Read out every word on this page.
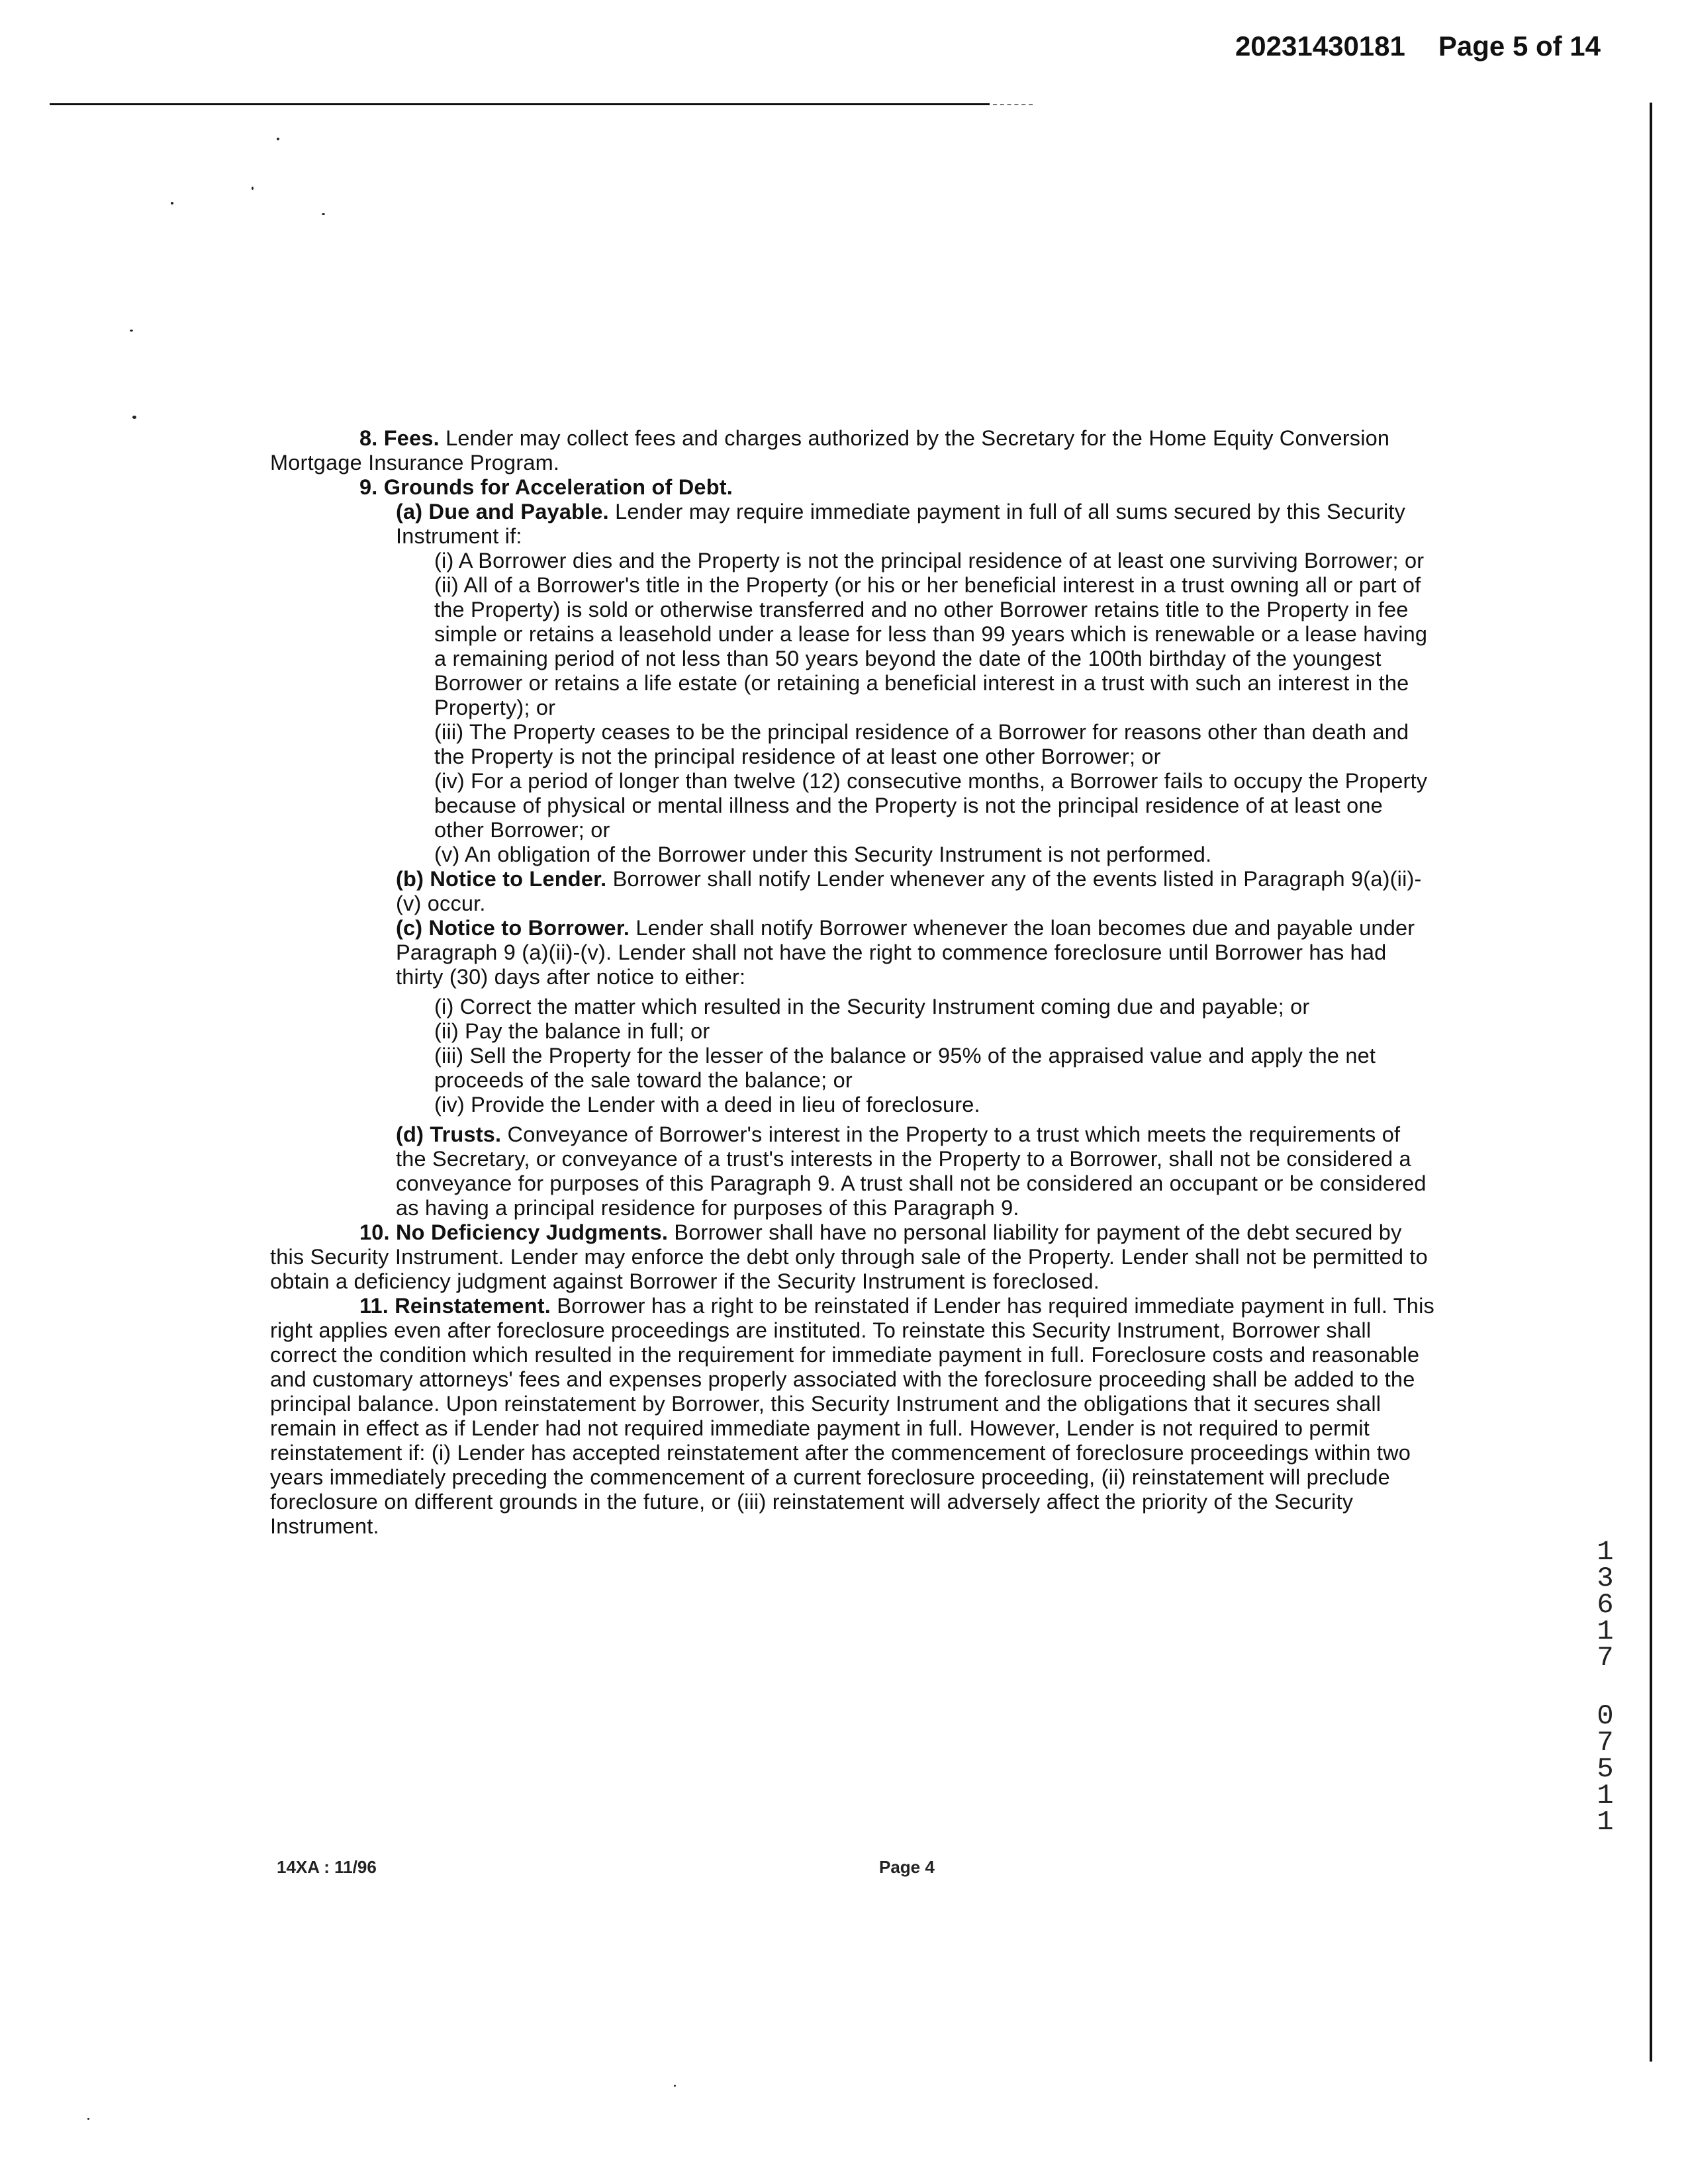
20231430181 Page 5 of 14

8. Fees. Lender may collect fees and charges authorized by the Secretary for the Home Equity Conversion Mortgage Insurance Program.

9. Grounds for Acceleration of Debt.

(a) Due and Payable. Lender may require immediate payment in full of all sums secured by this Security Instrument if:

(i) A Borrower dies and the Property is not the principal residence of at least one surviving Borrower; or

(ii) All of a Borrower's title in the Property (or his or her beneficial interest in a trust owning all or part of the Property) is sold or otherwise transferred and no other Borrower retains title to the Property in fee simple or retains a leasehold under a lease for less than 99 years which is renewable or a lease having a remaining period of not less than 50 years beyond the date of the 100th birthday of the youngest Borrower or retains a life estate (or retaining a beneficial interest in a trust with such an interest in the Property); or

(iii) The Property ceases to be the principal residence of a Borrower for reasons other than death and the Property is not the principal residence of at least one other Borrower; or

(iv) For a period of longer than twelve (12) consecutive months, a Borrower fails to occupy the Property because of physical or mental illness and the Property is not the principal residence of at least one other Borrower; or

(v) An obligation of the Borrower under this Security Instrument is not performed.

(b) Notice to Lender. Borrower shall notify Lender whenever any of the events listed in Paragraph 9(a)(ii)-(v) occur.

(c) Notice to Borrower. Lender shall notify Borrower whenever the loan becomes due and payable under Paragraph 9 (a)(ii)-(v). Lender shall not have the right to commence foreclosure until Borrower has had thirty (30) days after notice to either:

(i) Correct the matter which resulted in the Security Instrument coming due and payable; or

(ii) Pay the balance in full; or

(iii) Sell the Property for the lesser of the balance or 95% of the appraised value and apply the net proceeds of the sale toward the balance; or

(iv) Provide the Lender with a deed in lieu of foreclosure.

(d) Trusts. Conveyance of Borrower's interest in the Property to a trust which meets the requirements of the Secretary, or conveyance of a trust's interests in the Property to a Borrower, shall not be considered a conveyance for purposes of this Paragraph 9. A trust shall not be considered an occupant or be considered as having a principal residence for purposes of this Paragraph 9.

10. No Deficiency Judgments. Borrower shall have no personal liability for payment of the debt secured by this Security Instrument. Lender may enforce the debt only through sale of the Property. Lender shall not be permitted to obtain a deficiency judgment against Borrower if the Security Instrument is foreclosed.

11. Reinstatement. Borrower has a right to be reinstated if Lender has required immediate payment in full. This right applies even after foreclosure proceedings are instituted. To reinstate this Security Instrument, Borrower shall correct the condition which resulted in the requirement for immediate payment in full. Foreclosure costs and reasonable and customary attorneys' fees and expenses properly associated with the foreclosure proceeding shall be added to the principal balance. Upon reinstatement by Borrower, this Security Instrument and the obligations that it secures shall remain in effect as if Lender had not required immediate payment in full. However, Lender is not required to permit reinstatement if: (i) Lender has accepted reinstatement after the commencement of foreclosure proceedings within two years immediately preceding the commencement of a current foreclosure proceeding, (ii) reinstatement will preclude foreclosure on different grounds in the future, or (iii) reinstatement will adversely affect the priority of the Security Instrument.

1
3
6
1
7
0
7
5
1
1
14XA : 11/96	Page 4
